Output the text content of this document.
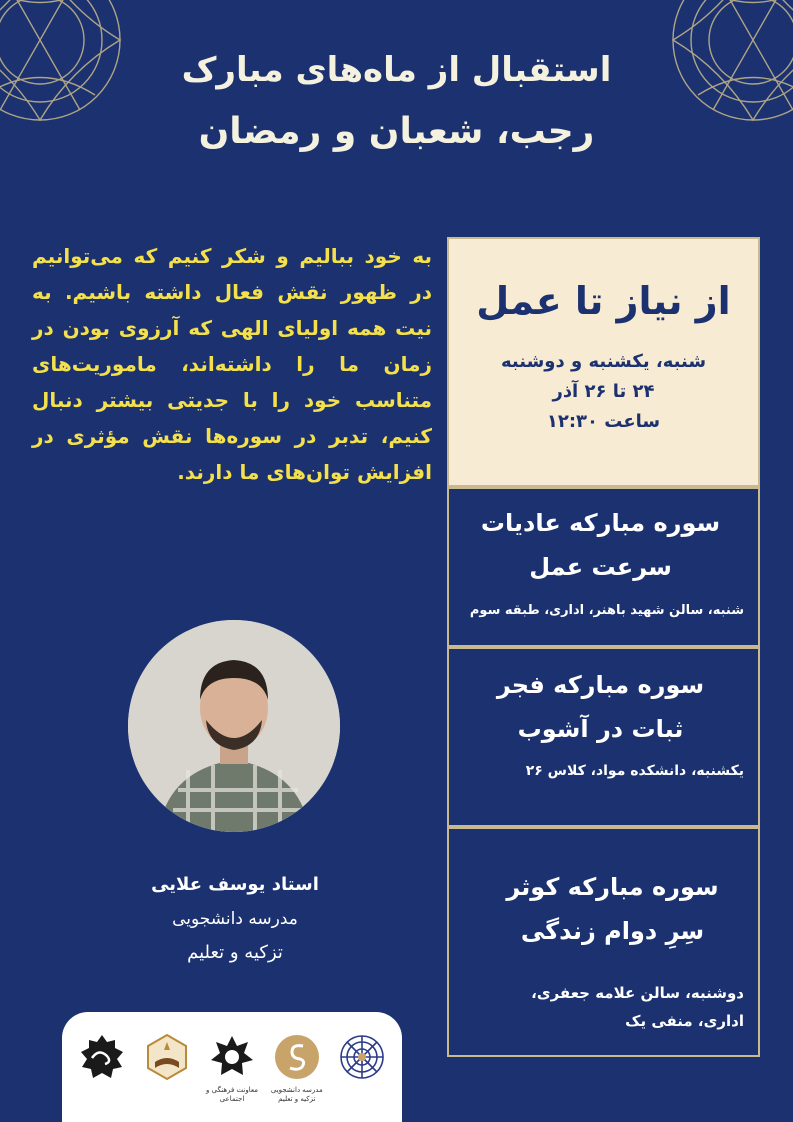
استقبال از ماه‌های مبارک
رجب، شعبان و رمضان

به خود ببالیم و شکر کنیم که می‌توانیم در ظهور نقش فعال داشته باشیم. به نیت همه اولیای الهی که آرزوی بودن در زمان ما را داشته‌اند، ماموریت‌های متناسب خود را با جدیتی بیشتر دنبال کنیم، تدبر در سوره‌ها نقش مؤثری در افزایش توان‌های ما دارند.

استاد یوسف علایی
مدرسه دانشجویی
تزکیه و تعلیم
از نیاز تا عمل
شنبه، یکشنبه و دوشنبه
۲۴ تا ۲۶ آذر
ساعت ۱۲:۳۰
سوره مبارکه عادیات
سرعت عمل
شنبه، سالن شهید باهنر، اداری، طبقه سوم
سوره مبارکه فجر
ثبات در آشوب
یکشنبه، دانشکده مواد، کلاس ۲۶
سوره مبارکه کوثر
سِرِ دوام زندگی
دوشنبه، سالن علامه جعفری،
اداری، منفی یک
معاونت فرهنگی و اجتماعی
مدرسه دانشجویی تزکیه و تعلیم
